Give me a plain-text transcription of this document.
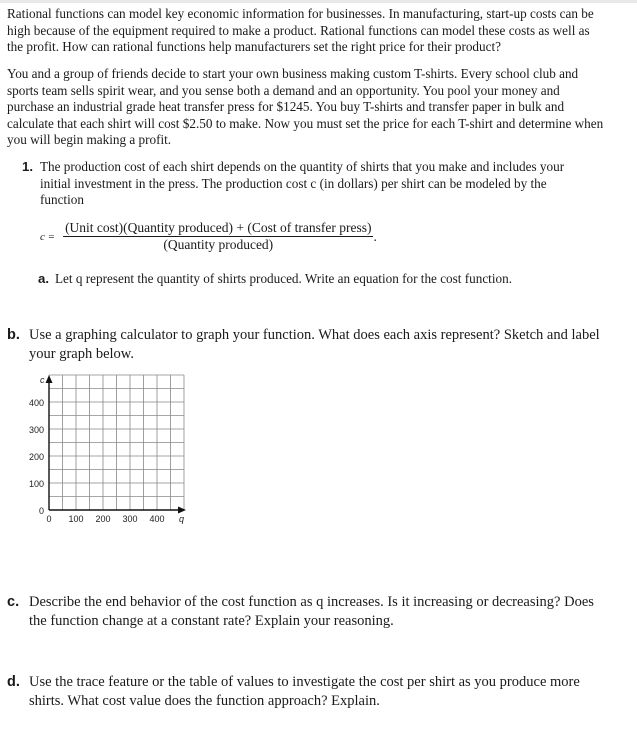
Rational functions can model key economic information for businesses. In manufacturing, start-up costs can be high because of the equipment required to make a product. Rational functions can model these costs as well as the profit. How can rational functions help manufacturers set the right price for their product?

You and a group of friends decide to start your own business making custom T-shirts. Every school club and sports team sells spirit wear, and you sense both a demand and an opportunity. You pool your money and purchase an industrial grade heat transfer press for $1245. You buy T-shirts and transfer paper in bulk and calculate that each shirt will cost $2.50 to make. Now you must set the price for each T-shirt and determine when you will begin making a profit.

1. The production cost of each shirt depends on the quantity of shirts that you make and includes your initial investment in the press. The production cost c (in dollars) per shirt can be modeled by the function
$c = \frac{\text{(Unit cost)(Quantity produced) + (Cost of transfer press)}}{\text{(Quantity produced)}}$ .
a. Let q represent the quantity of shirts produced. Write an equation for the cost function.
b. Use a graphing calculator to graph your function. What does each axis represent? Sketch and label your graph below.
c
400
300
200
100
0
0 100 200 300 400 q
c. Describe the end behavior of the cost function as q increases. Is it increasing or decreasing? Does the function change at a constant rate? Explain your reasoning.
d. Use the trace feature or the table of values to investigate the cost per shirt as you produce more shirts. What cost value does the function approach? Explain.
